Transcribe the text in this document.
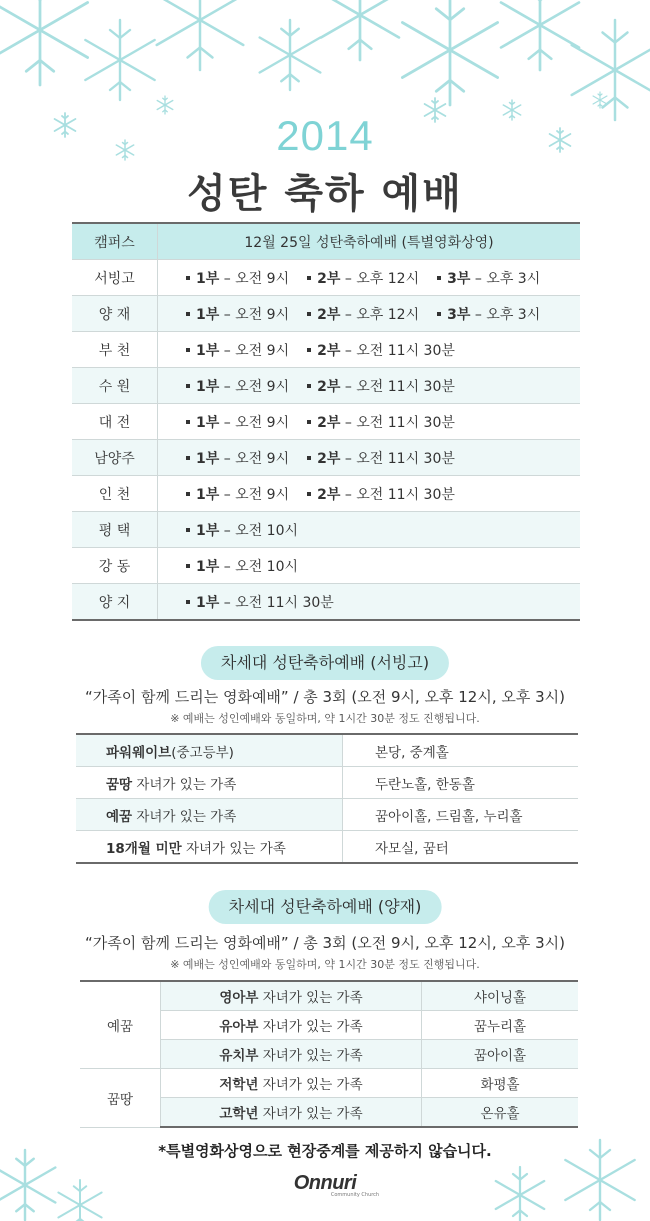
2014
성탄 축하 예배
캠퍼스	12월 25일 성탄축하예배 (특별영화상영)
서빙고	1부 – 오전 9시 2부 – 오후 12시 3부 – 오후 3시
양 재	1부 – 오전 9시 2부 – 오후 12시 3부 – 오후 3시
부 천	1부 – 오전 9시 2부 – 오전 11시 30분
수 원	1부 – 오전 9시 2부 – 오전 11시 30분
대 전	1부 – 오전 9시 2부 – 오전 11시 30분
남양주	1부 – 오전 9시 2부 – 오전 11시 30분
인 천	1부 – 오전 9시 2부 – 오전 11시 30분
평 택	1부 – 오전 10시
강 동	1부 – 오전 10시
양 지	1부 – 오전 11시 30분
차세대 성탄축하예배 (서빙고)
“가족이 함께 드리는 영화예배” / 총 3회 (오전 9시, 오후 12시, 오후 3시)
※ 예배는 성인예배와 동일하며, 약 1시간 30분 정도 진행됩니다.
파워웨이브(중고등부)	본당, 중계홀
꿈땅 자녀가 있는 가족	두란노홀, 한동홀
예꿈 자녀가 있는 가족	꿈아이홀, 드림홀, 누리홀
18개월 미만 자녀가 있는 가족	자모실, 꿈터
차세대 성탄축하예배 (양재)
“가족이 함께 드리는 영화예배” / 총 3회 (오전 9시, 오후 12시, 오후 3시)
※ 예배는 성인예배와 동일하며, 약 1시간 30분 정도 진행됩니다.
예꿈	영아부 자녀가 있는 가족	샤이닝홀
	유아부 자녀가 있는 가족	꿈누리홀
	유치부 자녀가 있는 가족	꿈아이홀
꿈땅	저학년 자녀가 있는 가족	화평홀
	고학년 자녀가 있는 가족	온유홀
*특별영화상영으로 현장중계를 제공하지 않습니다.
Onnuri
Community Church
